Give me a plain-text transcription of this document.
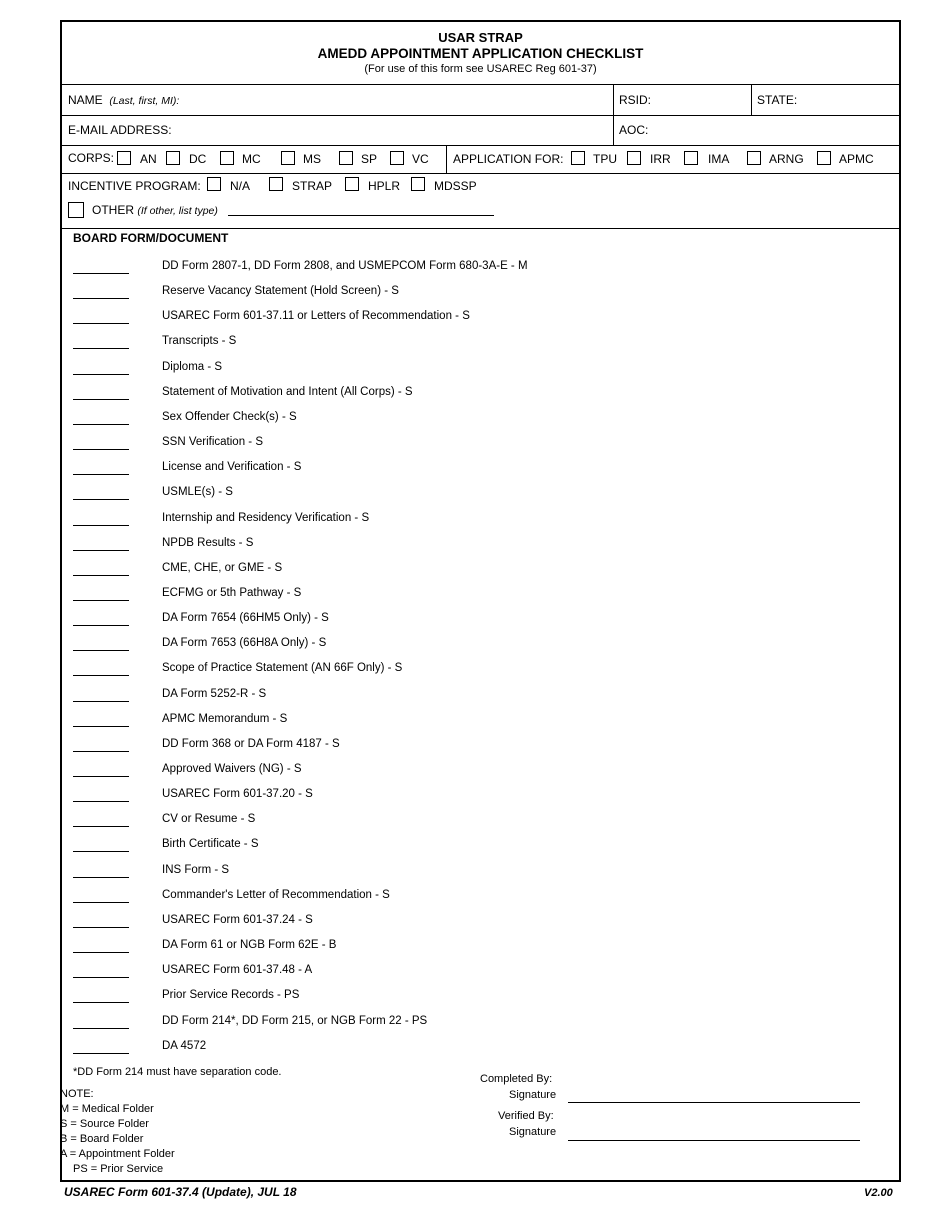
USAR STRAP
AMEDD APPOINTMENT APPLICATION CHECKLIST
(For use of this form see USAREC Reg 601-37)
NAME (Last, first, MI):	RSID:	STATE:
E-MAIL ADDRESS:	AOC:
CORPS: AN	DC	MC	MS	SP	VC APPLICATION FOR: TPU	IRR	IMA	ARNG	APMC
INCENTIVE PROGRAM: N/A	STRAP	HPLR	MDSSP
OTHER (If other, list type)
BOARD FORM/DOCUMENT
DD Form 2807-1, DD Form 2808, and USMEPCOM Form 680-3A-E - M
Reserve Vacancy Statement (Hold Screen) - S
USAREC Form 601-37.11 or Letters of Recommendation - S
Transcripts - S
Diploma - S
Statement of Motivation and Intent (All Corps) - S
Sex Offender Check(s) - S
SSN Verification - S
License and Verification - S
USMLE(s) - S
Internship and Residency Verification - S
NPDB Results - S
CME, CHE, or GME - S
ECFMG or 5th Pathway - S
DA Form 7654 (66HM5 Only) - S
DA Form 7653 (66H8A Only) - S
Scope of Practice Statement (AN 66F Only) - S
DA Form 5252-R - S
APMC Memorandum - S
DD Form 368 or DA Form 4187 - S
Approved Waivers (NG) - S
USAREC Form 601-37.20 - S
CV or Resume - S
Birth Certificate - S
INS Form - S
Commander's Letter of Recommendation - S
USAREC Form 601-37.24 - S
DA Form 61 or NGB Form 62E - B
USAREC Form 601-37.48 - A
Prior Service Records - PS
DD Form 214*, DD Form 215, or NGB Form 22 - PS
DA 4572
*DD Form 214 must have separation code.
NOTE:
M = Medical Folder
S = Source Folder
B = Board Folder
A = Appointment Folder
PS = Prior Service
Completed By:
Signature
Verified By:
Signature
USAREC Form 601-37.4 (Update), JUL 18	V2.00
